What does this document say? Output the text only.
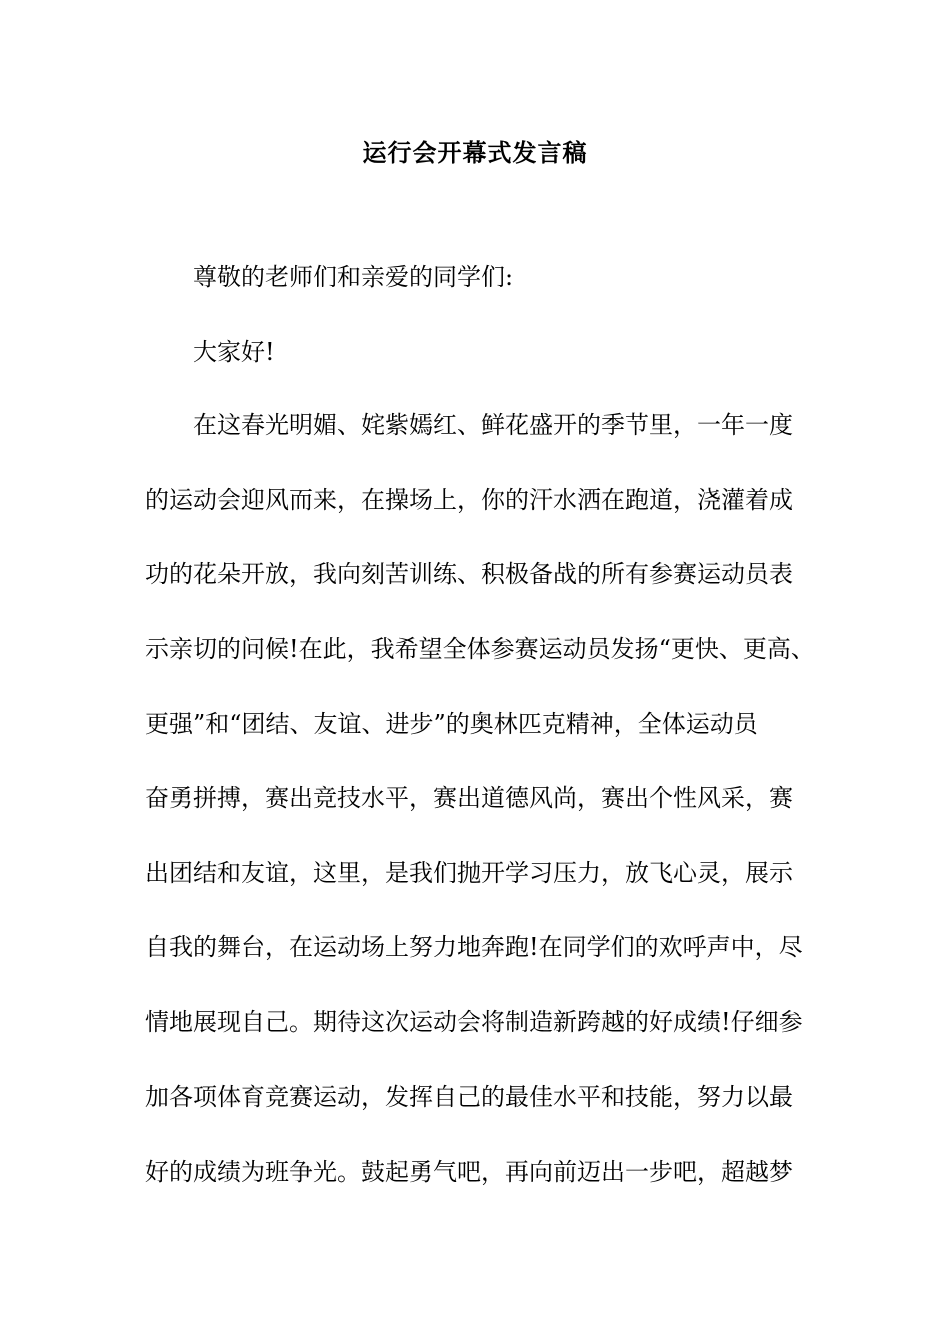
运行会开幕式发言稿
尊敬的老师们和亲爱的同学们:
大家好!
在这春光明媚、姹紫嫣红、鲜花盛开的季节里，一年一度
的运动会迎风而来，在操场上，你的汗水洒在跑道，浇灌着成
功的花朵开放，我向刻苦训练、积极备战的所有参赛运动员表
示亲切的问候!在此，我希望全体参赛运动员发扬“更快、更高、
更强”和“团结、友谊、进步”的奥林匹克精神，全体运动员
奋勇拼搏，赛出竞技水平，赛出道德风尚，赛出个性风采，赛
出团结和友谊，这里，是我们抛开学习压力，放飞心灵，展示
自我的舞台，在运动场上努力地奔跑!在同学们的欢呼声中，尽
情地展现自己。期待这次运动会将制造新跨越的好成绩!仔细参
加各项体育竞赛运动，发挥自己的最佳水平和技能，努力以最
好的成绩为班争光。鼓起勇气吧，再向前迈出一步吧，超越梦
